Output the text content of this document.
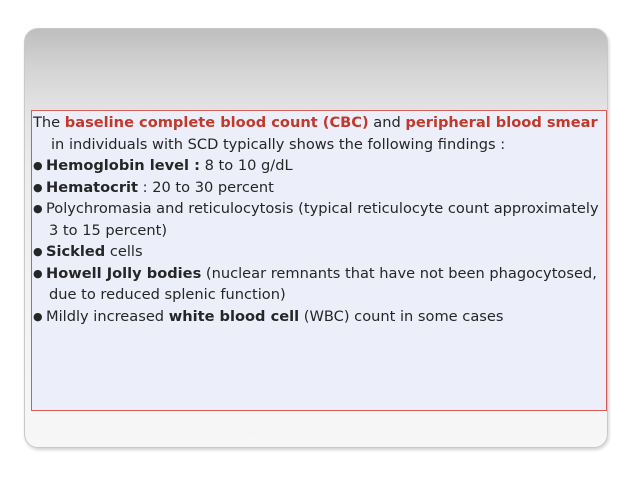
The baseline complete blood count (CBC) and peripheral blood smear in individuals with SCD typically shows the following findings :

● Hemoglobin level : 8 to 10 g/dL
● Hematocrit : 20 to 30 percent
● Polychromasia and reticulocytosis (typical reticulocyte count approximately 3 to 15 percent)
● Sickled cells
● Howell Jolly bodies (nuclear remnants that have not been phagocytosed, due to reduced splenic function)
● Mildly increased white blood cell (WBC) count in some cases
